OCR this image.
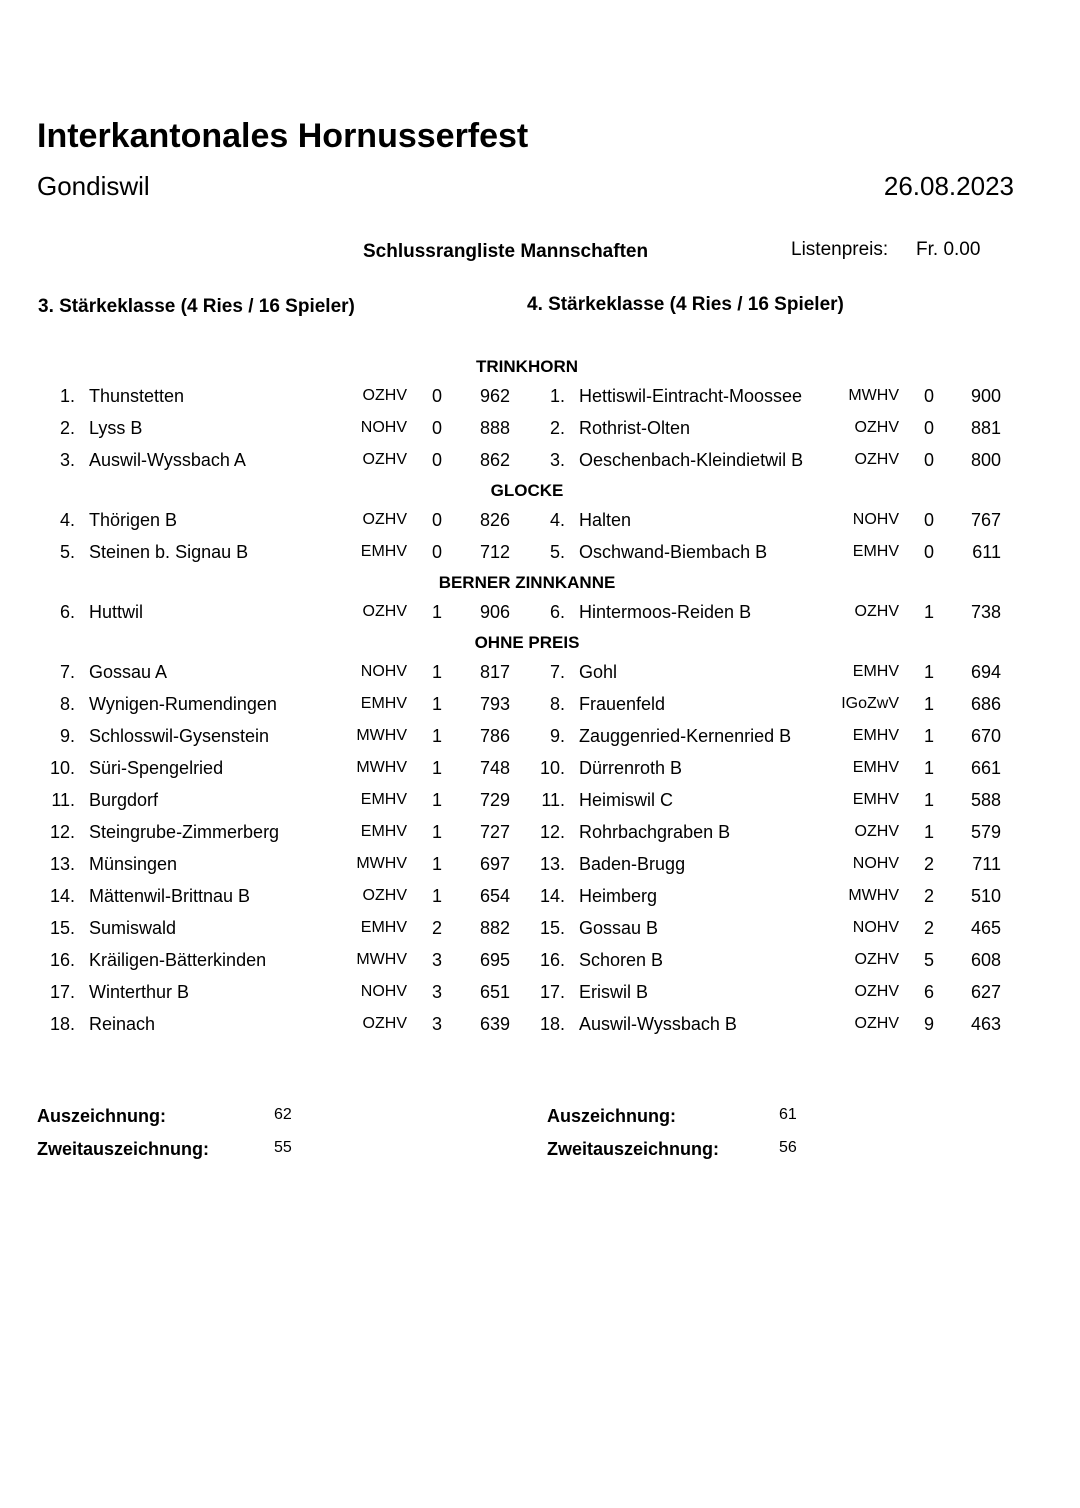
Interkantonales Hornusserfest
Gondiswil	26.08.2023
Schlussrangliste Mannschaften	Listenpreis: Fr. 0.00
3. Stärkeklasse (4 Ries / 16 Spieler)	4. Stärkeklasse (4 Ries / 16 Spieler)
TRINKHORN
1. Thunstetten	OZHV 0 962 1. Hettiswil-Eintracht-Moossee	MWHV 0 900
2. Lyss B	NOHV 0 888 2. Rothrist-Olten	OZHV 0 881
3. Auswil-Wyssbach A	OZHV 0 862 3. Oeschenbach-Kleindietwil B	OZHV 0 800
GLOCKE
4. Thörigen B	OZHV 0 826 4. Halten	NOHV 0 767
5. Steinen b. Signau B	EMHV 0 712 5. Oschwand-Biembach B	EMHV 0 611
BERNER ZINNKANNE
6. Huttwil	OZHV 1 906 6. Hintermoos-Reiden B	OZHV 1 738
OHNE PREIS
7. Gossau A	NOHV 1 817 7. Gohl	EMHV 1 694
8. Wynigen-Rumendingen	EMHV 1 793 8. Frauenfeld	IGoZwV 1 686
9. Schlosswil-Gysenstein	MWHV 1 786 9. Zauggenried-Kernenried B	EMHV 1 670
10. Süri-Spengelried	MWHV 1 748 10. Dürrenroth B	EMHV 1 661
11. Burgdorf	EMHV 1 729 11. Heimiswil C	EMHV 1 588
12. Steingrube-Zimmerberg	EMHV 1 727 12. Rohrbachgraben B	OZHV 1 579
13. Münsingen	MWHV 1 697 13. Baden-Brugg	NOHV 2 711
14. Mättenwil-Brittnau B	OZHV 1 654 14. Heimberg	MWHV 2 510
15. Sumiswald	EMHV 2 882 15. Gossau B	NOHV 2 465
16. Kräiligen-Bätterkinden	MWHV 3 695 16. Schoren B	OZHV 5 608
17. Winterthur B	NOHV 3 651 17. Eriswil B	OZHV 6 627
18. Reinach	OZHV 3 639 18. Auswil-Wyssbach B	OZHV 9 463
Auszeichnung:	62
Zweitauszeichnung:	55
Auszeichnung:	61
Zweitauszeichnung:	56
